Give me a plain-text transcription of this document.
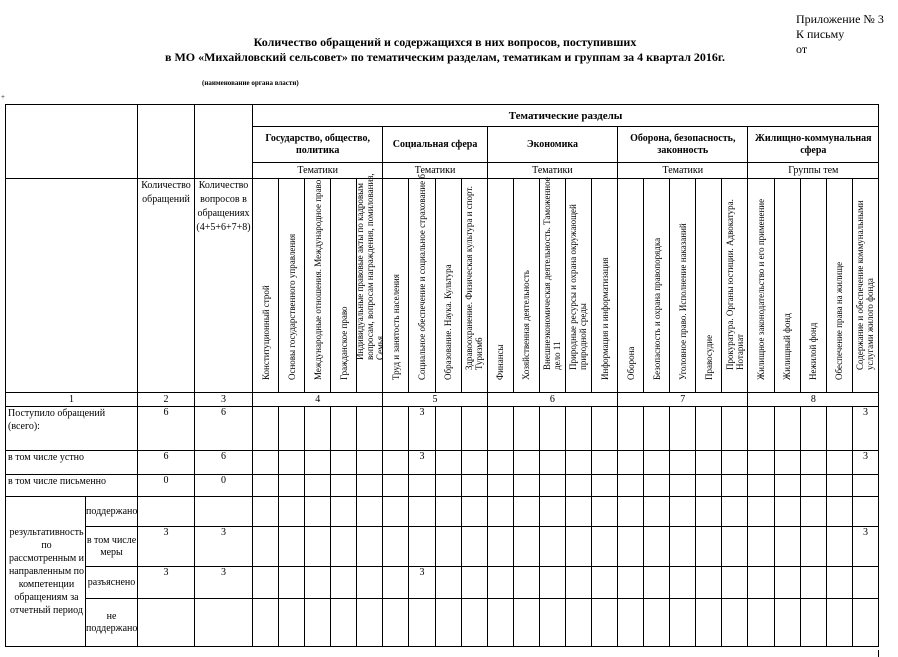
Приложение № 3
К письму
от
Количество обращений и содержащихся в них вопросов, поступивших
в МО «Михайловский сельсовет» по тематическим разделам, тематикам и группам за 4 квартал 2016г.
(наименование органа власти)
+
				Тематические разделы																							
				Государство, общество, политика					Социальная сфера				Экономика					Оборона, безопасность, законность					Жилищно-коммунальная сфера				
				Тематики					Тематики				Тематики					Тематики					Группы тем				
		Количество обращений	Количество вопросов в обращениях (4+5+6+7+8)	Конституционный строй	Основы государственного управления	Международные отношения. Международное право	Гражданское право	Индивидуальные правовые акты по кадровым вопросам, вопросам награждения, помилования, Семья	Труд и занятость населения	Социальное обеспечение и социальное страхование б	Образование. Наука. Культура	Здравоохранение. Физическая культура и спорт. Туризм6	Финансы	Хозяйственная деятельность	Внешнеэкономическая деятельность. Таможенное дело 11	Природные ресурсы и охрана окружающей природной среды	Информация и информатизация	Оборона	Безопасность и охрана правопорядка	Уголовное право. Исполнение наказаний	Правосудие	Прокуратура. Органы юстиции. Адвокатура. Нотариат	Жилищное законодательство и его применение	Жилищный фонд	Нежилой фонд	Обеспечение права на жилище	Содержание и обеспечение коммунальными услугами жилого фонда

1		2	3	4					5				6					7					8				
Поступило обращений (всего):		6	6							3																	3
в том числе устно		6	6							3																	3
в том числе письменно		0	0																								
результативность по рассмотренным и направленным по компетенции обращениям за отчетный период	поддержано																										
	в том числе меры	3	3																								3
	разъяснено	3	3							3																	
	не поддержано																										
